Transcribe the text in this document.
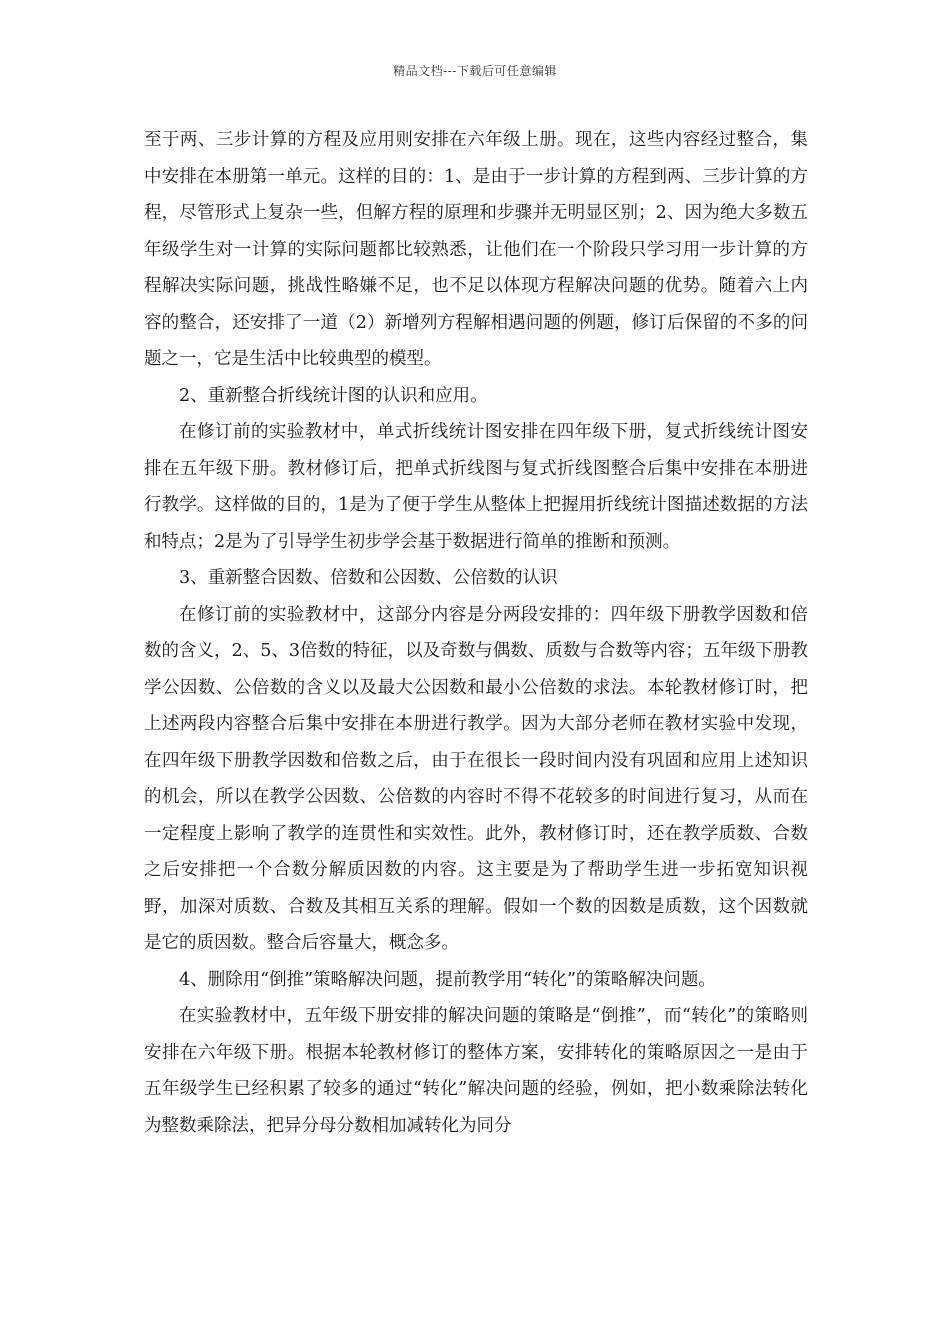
精品文档---下载后可任意编辑

至于两、三步计算的方程及应用则安排在六年级上册。现在，这些内容经过整合，集中安排在本册第一单元。这样的目的：1、是由于一步计算的方程到两、三步计算的方程，尽管形式上复杂一些，但解方程的原理和步骤并无明显区别；2、因为绝大多数五年级学生对一计算的实际问题都比较熟悉，让他们在一个阶段只学习用一步计算的方程解决实际问题，挑战性略嫌不足，也不足以体现方程解决问题的优势。随着六上内容的整合，还安排了一道（2）新增列方程解相遇问题的例题，修订后保留的不多的问题之一，它是生活中比较典型的模型。

2、重新整合折线统计图的认识和应用。

在修订前的实验教材中，单式折线统计图安排在四年级下册，复式折线统计图安排在五年级下册。教材修订后，把单式折线图与复式折线图整合后集中安排在本册进行教学。这样做的目的，1是为了便于学生从整体上把握用折线统计图描述数据的方法和特点；2是为了引导学生初步学会基于数据进行简单的推断和预测。

3、重新整合因数、倍数和公因数、公倍数的认识

在修订前的实验教材中，这部分内容是分两段安排的：四年级下册教学因数和倍数的含义，2、5、3倍数的特征，以及奇数与偶数、质数与合数等内容；五年级下册教学公因数、公倍数的含义以及最大公因数和最小公倍数的求法。本轮教材修订时，把上述两段内容整合后集中安排在本册进行教学。因为大部分老师在教材实验中发现，在四年级下册教学因数和倍数之后，由于在很长一段时间内没有巩固和应用上述知识的机会，所以在教学公因数、公倍数的内容时不得不花较多的时间进行复习，从而在一定程度上影响了教学的连贯性和实效性。此外，教材修订时，还在教学质数、合数之后安排把一个合数分解质因数的内容。这主要是为了帮助学生进一步拓宽知识视野，加深对质数、合数及其相互关系的理解。假如一个数的因数是质数，这个因数就是它的质因数。整合后容量大，概念多。

4、删除用“倒推”策略解决问题，提前教学用“转化”的策略解决问题。

在实验教材中，五年级下册安排的解决问题的策略是“倒推”，而“转化”的策略则安排在六年级下册。根据本轮教材修订的整体方案，安排转化的策略原因之一是由于五年级学生已经积累了较多的通过“转化”解决问题的经验，例如，把小数乘除法转化为整数乘除法，把异分母分数相加减转化为同分
